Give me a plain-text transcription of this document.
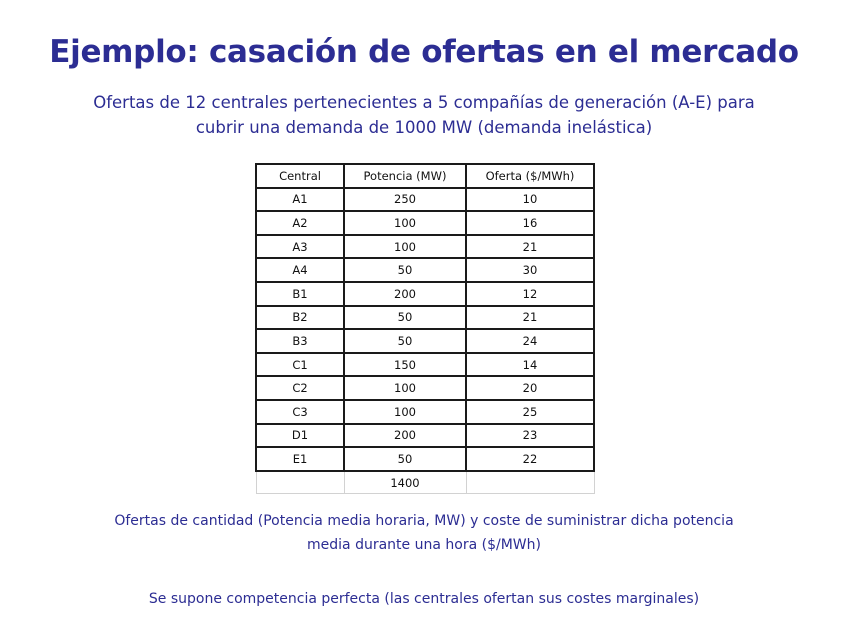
Ejemplo: casación de ofertas en el mercado
Ofertas de 12 centrales pertenecientes a 5 compañías de generación (A-E) para
cubrir una demanda de 1000 MW (demanda inelástica)
Central	Potencia (MW)	Oferta ($/MWh)
A1	250	10
A2	100	16
A3	100	21
A4	50	30
B1	200	12
B2	50	21
B3	50	24
C1	150	14
C2	100	20
C3	100	25
D1	200	23
E1	50	22
	1400	
Ofertas de cantidad (Potencia media horaria, MW) y coste de suministrar dicha potencia
media durante una hora ($/MWh)
Se supone competencia perfecta (las centrales ofertan sus costes marginales)
